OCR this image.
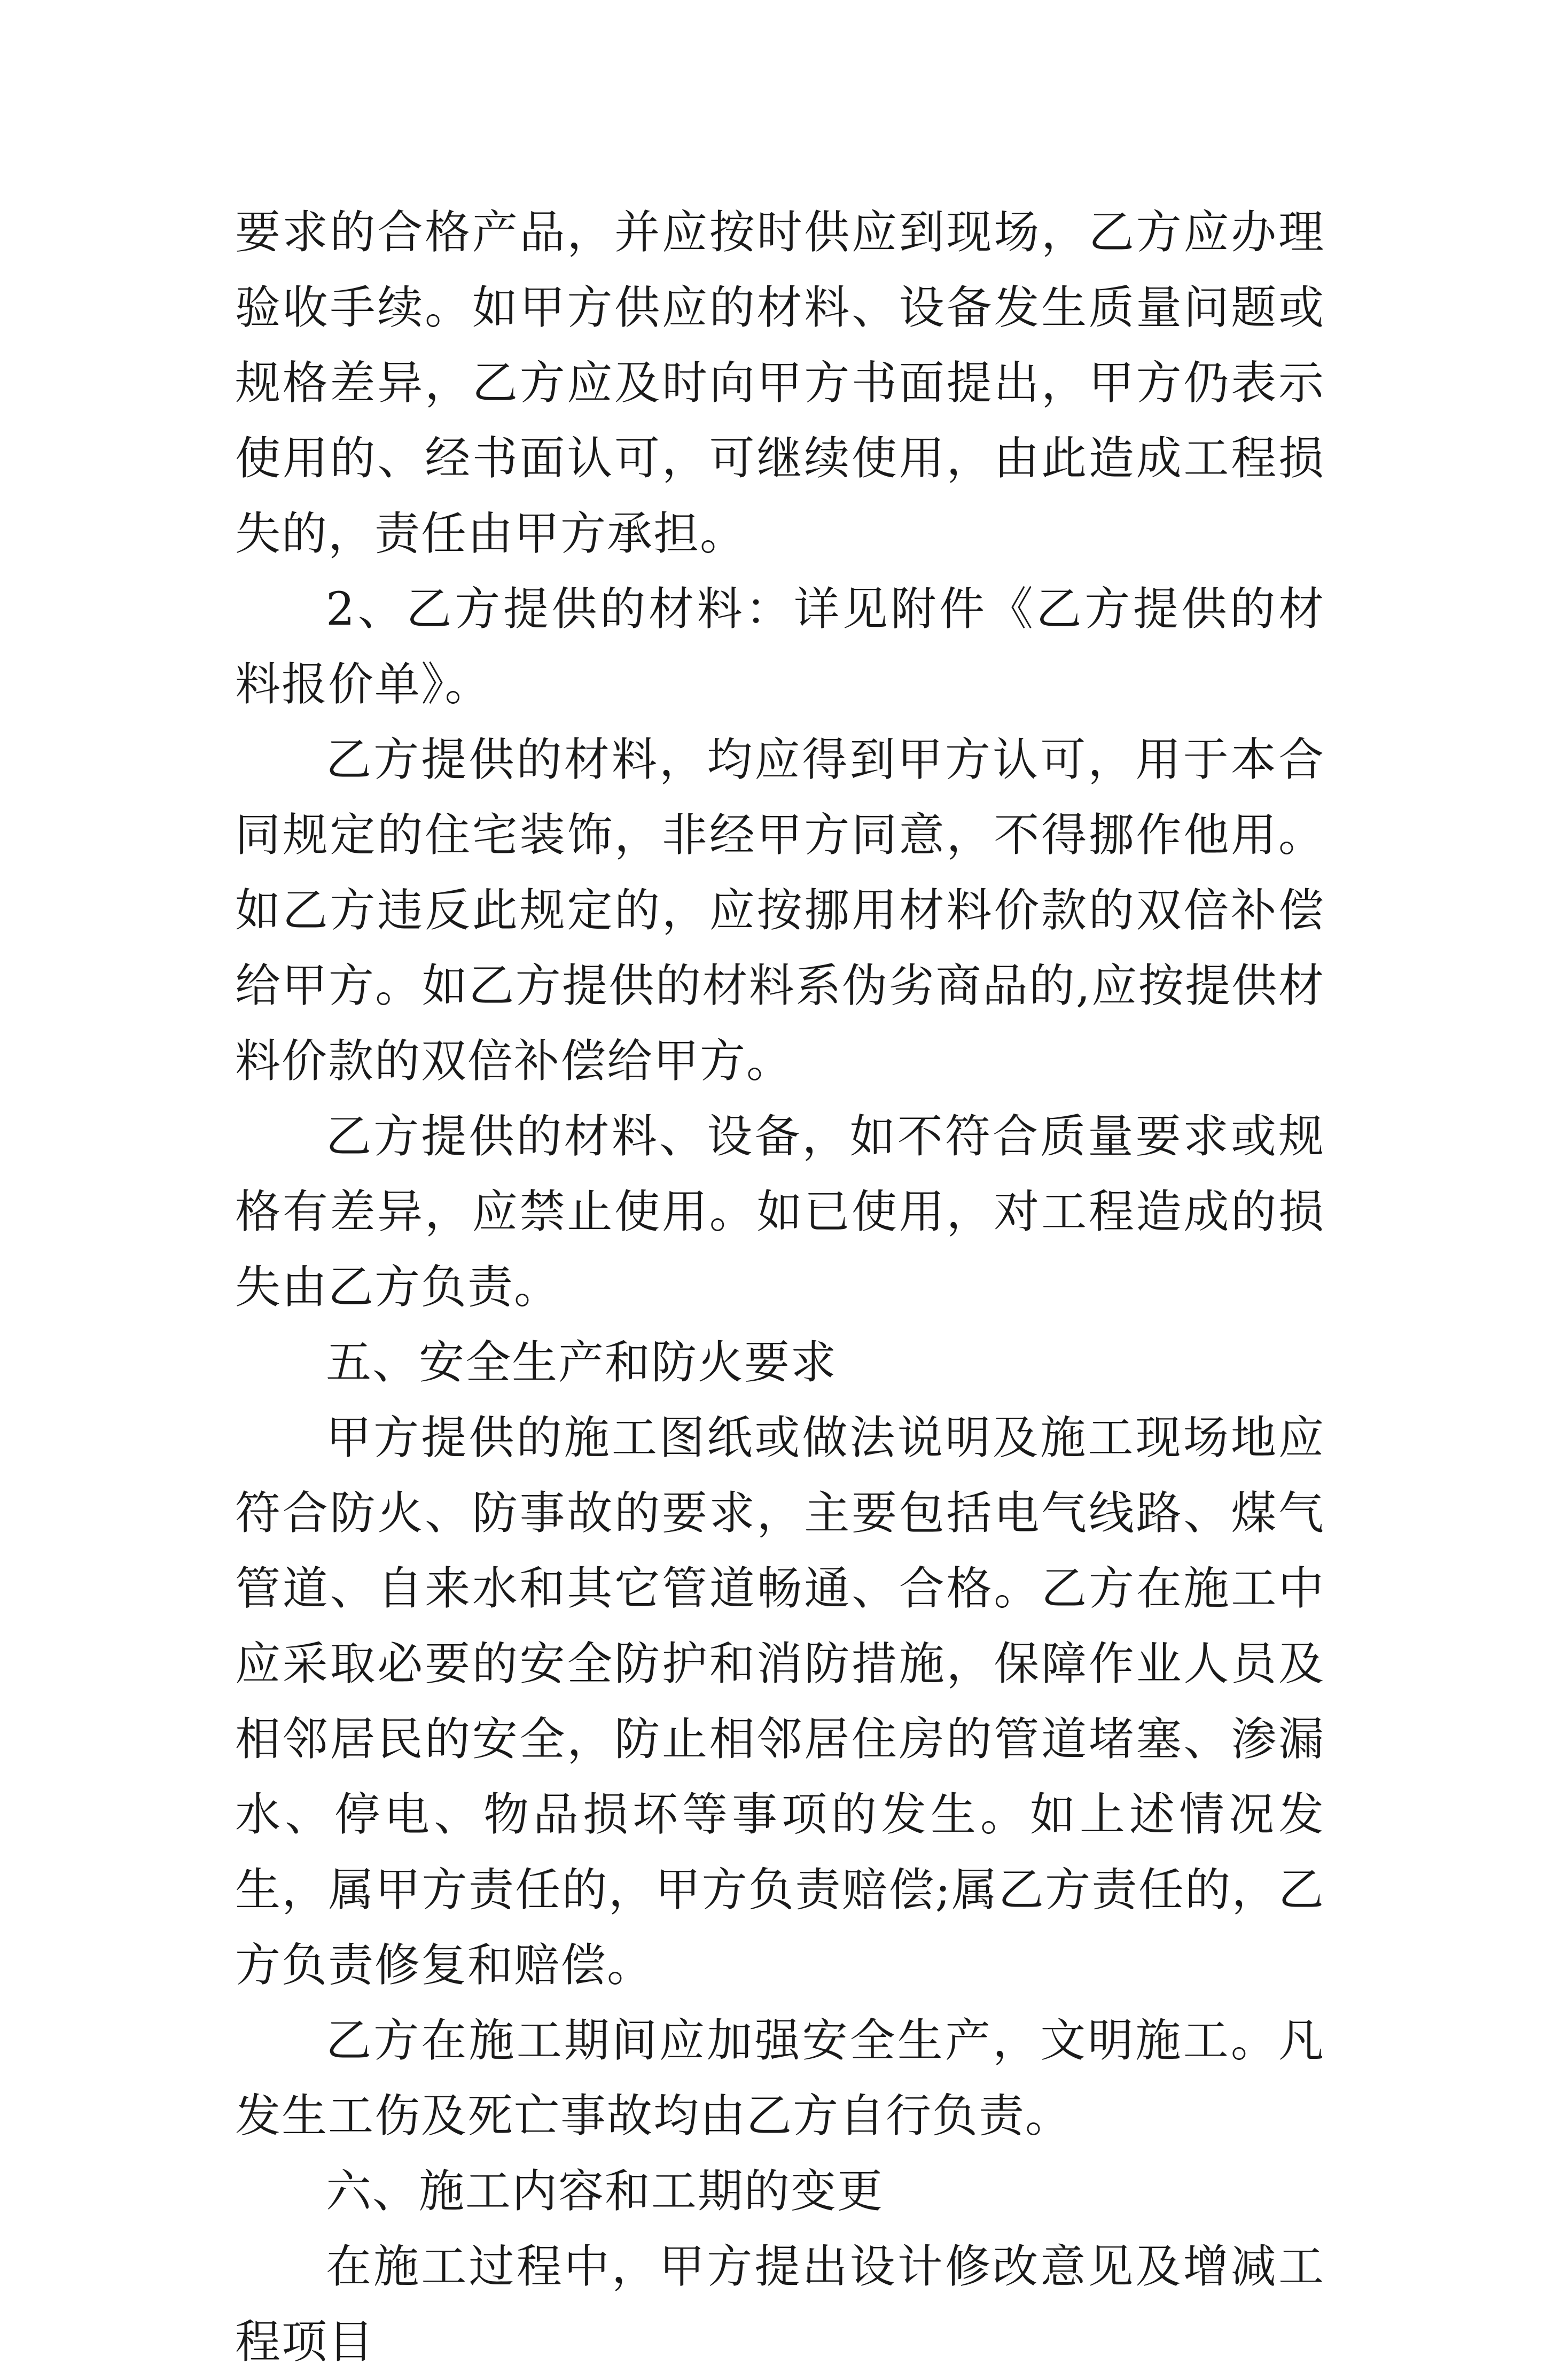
要求的合格产品，并应按时供应到现场，乙方应办理验收手续。如甲方供应的材料、设备发生质量问题或规格差异，乙方应及时向甲方书面提出，甲方仍表示使用的、经书面认可，可继续使用，由此造成工程损失的，责任由甲方承担。

2、乙方提供的材料：详见附件《乙方提供的材料报价单》。

乙方提供的材料，均应得到甲方认可，用于本合同规定的住宅装饰，非经甲方同意，不得挪作他用。如乙方违反此规定的，应按挪用材料价款的双倍补偿给甲方。如乙方提供的材料系伪劣商品的,应按提供材料价款的双倍补偿给甲方。

乙方提供的材料、设备，如不符合质量要求或规格有差异，应禁止使用。如已使用，对工程造成的损失由乙方负责。

五、安全生产和防火要求

甲方提供的施工图纸或做法说明及施工现场地应符合防火、防事故的要求，主要包括电气线路、煤气管道、自来水和其它管道畅通、合格。乙方在施工中应采取必要的安全防护和消防措施，保障作业人员及相邻居民的安全，防止相邻居住房的管道堵塞、渗漏水、停电、物品损坏等事项的发生。如上述情况发生，属甲方责任的，甲方负责赔偿;属乙方责任的，乙方负责修复和赔偿。

乙方在施工期间应加强安全生产，文明施工。凡发生工伤及死亡事故均由乙方自行负责。

六、施工内容和工期的变更

在施工过程中，甲方提出设计修改意见及增减工程项目
